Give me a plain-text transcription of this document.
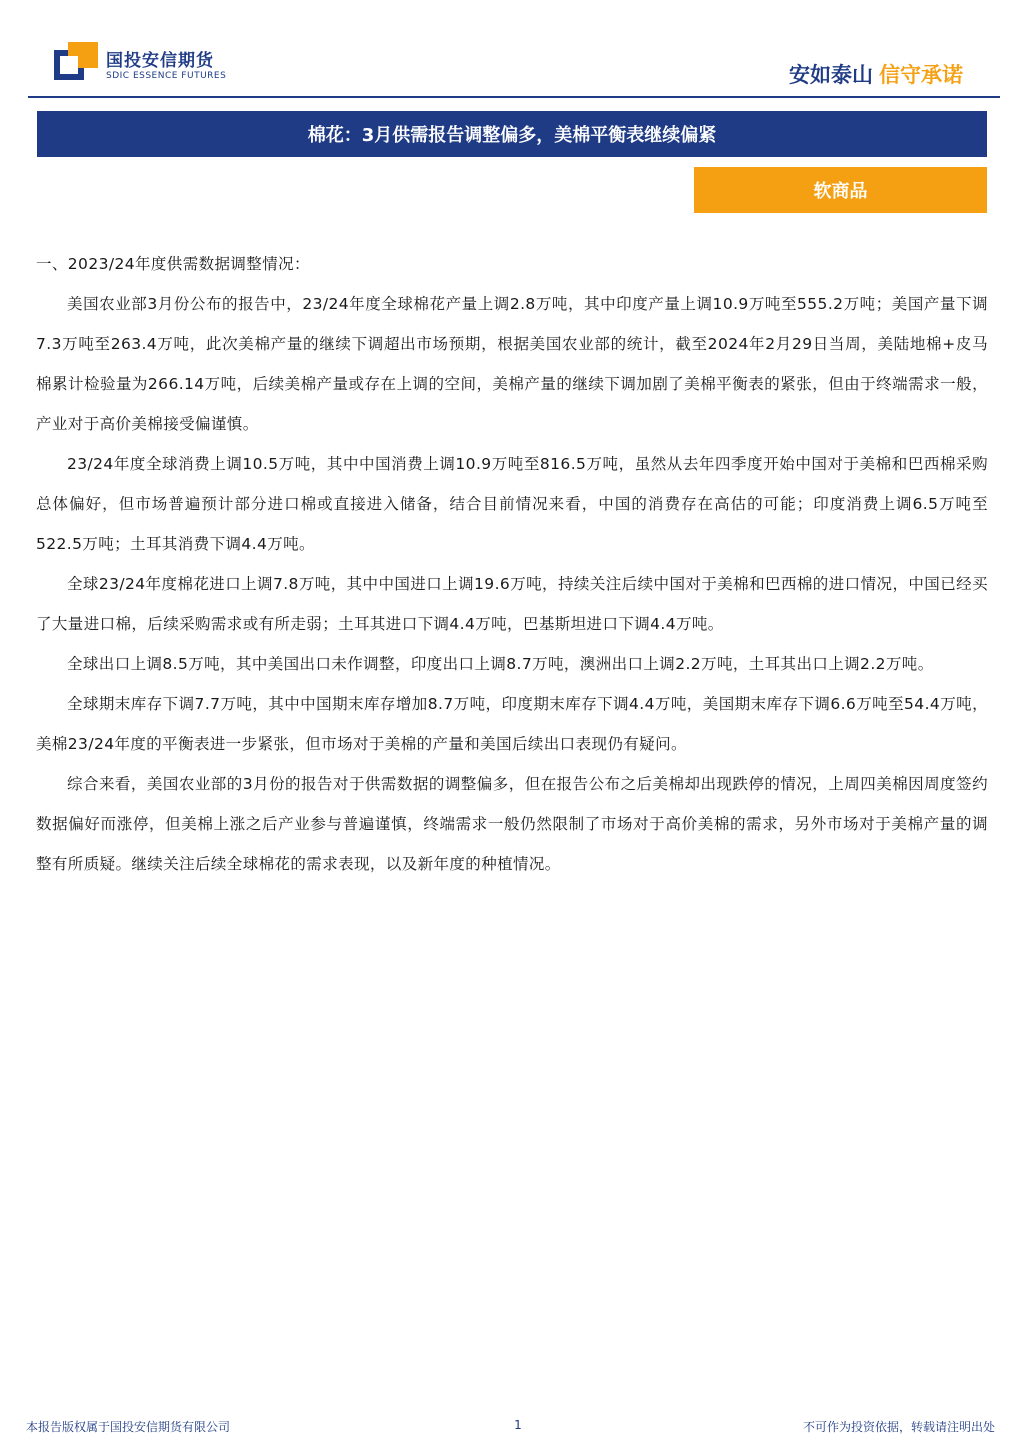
国投安信期货
SDIC ESSENCE FUTURES	安如泰山 信守承诺
棉花：3月供需报告调整偏多，美棉平衡表继续偏紧
软商品
一、2023/24年度供需数据调整情况：

美国农业部3月份公布的报告中，23/24年度全球棉花产量上调2.8万吨，其中印度产量上调10.9万吨至555.2万吨；美国产量下调7.3万吨至263.4万吨，此次美棉产量的继续下调超出市场预期，根据美国农业部的统计，截至2024年2月29日当周，美陆地棉+皮马棉累计检验量为266.14万吨，后续美棉产量或存在上调的空间，美棉产量的继续下调加剧了美棉平衡表的紧张，但由于终端需求一般，产业对于高价美棉接受偏谨慎。

23/24年度全球消费上调10.5万吨，其中中国消费上调10.9万吨至816.5万吨，虽然从去年四季度开始中国对于美棉和巴西棉采购总体偏好，但市场普遍预计部分进口棉或直接进入储备，结合目前情况来看，中国的消费存在高估的可能；印度消费上调6.5万吨至522.5万吨；土耳其消费下调4.4万吨。

全球23/24年度棉花进口上调7.8万吨，其中中国进口上调19.6万吨，持续关注后续中国对于美棉和巴西棉的进口情况，中国已经买了大量进口棉，后续采购需求或有所走弱；土耳其进口下调4.4万吨，巴基斯坦进口下调4.4万吨。

全球出口上调8.5万吨，其中美国出口未作调整，印度出口上调8.7万吨，澳洲出口上调2.2万吨，土耳其出口上调2.2万吨。

全球期末库存下调7.7万吨，其中中国期末库存增加8.7万吨，印度期末库存下调4.4万吨，美国期末库存下调6.6万吨至54.4万吨，美棉23/24年度的平衡表进一步紧张，但市场对于美棉的产量和美国后续出口表现仍有疑问。

综合来看，美国农业部的3月份的报告对于供需数据的调整偏多，但在报告公布之后美棉却出现跌停的情况，上周四美棉因周度签约数据偏好而涨停，但美棉上涨之后产业参与普遍谨慎，终端需求一般仍然限制了市场对于高价美棉的需求，另外市场对于美棉产量的调整有所质疑。继续关注后续全球棉花的需求表现，以及新年度的种植情况。

本报告版权属于国投安信期货有限公司	1	不可作为投资依据，转载请注明出处
